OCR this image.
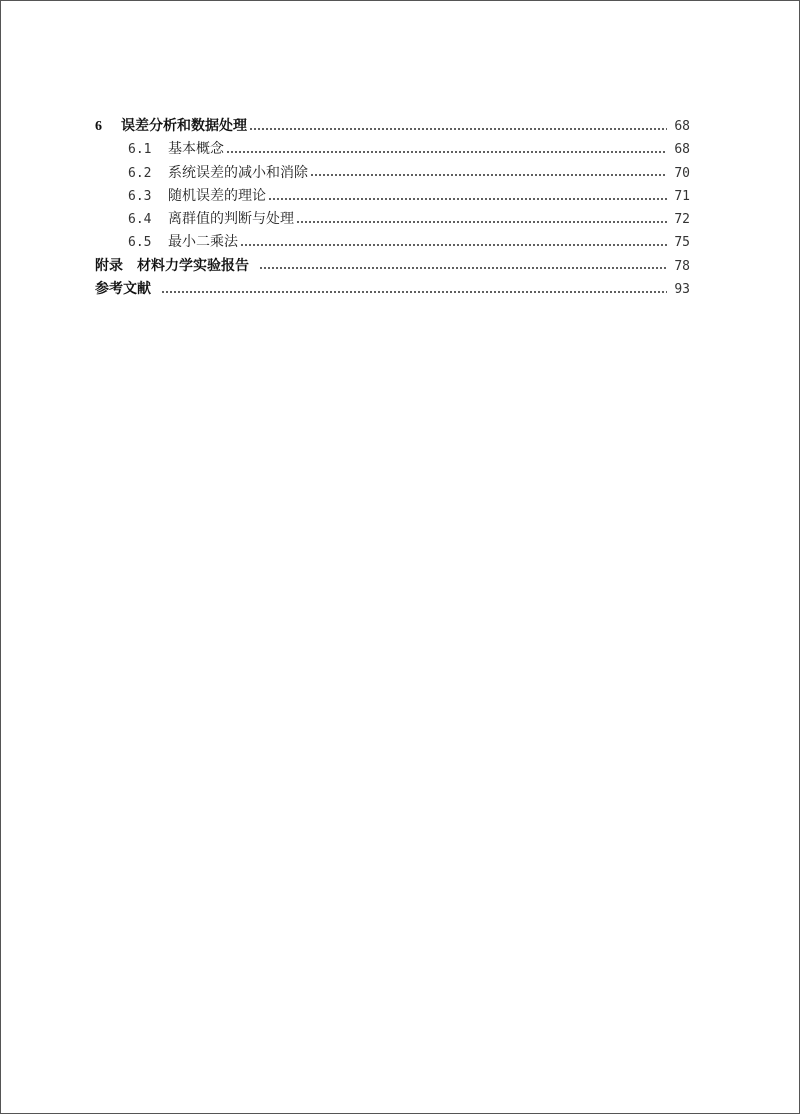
6	误差分析和数据处理	68
6.1	基本概念	68
6.2	系统误差的减小和消除	70
6.3	随机误差的理论	71
6.4	离群值的判断与处理	72
6.5	最小二乘法	75
附录　材料力学实验报告	78
参考文献	93
